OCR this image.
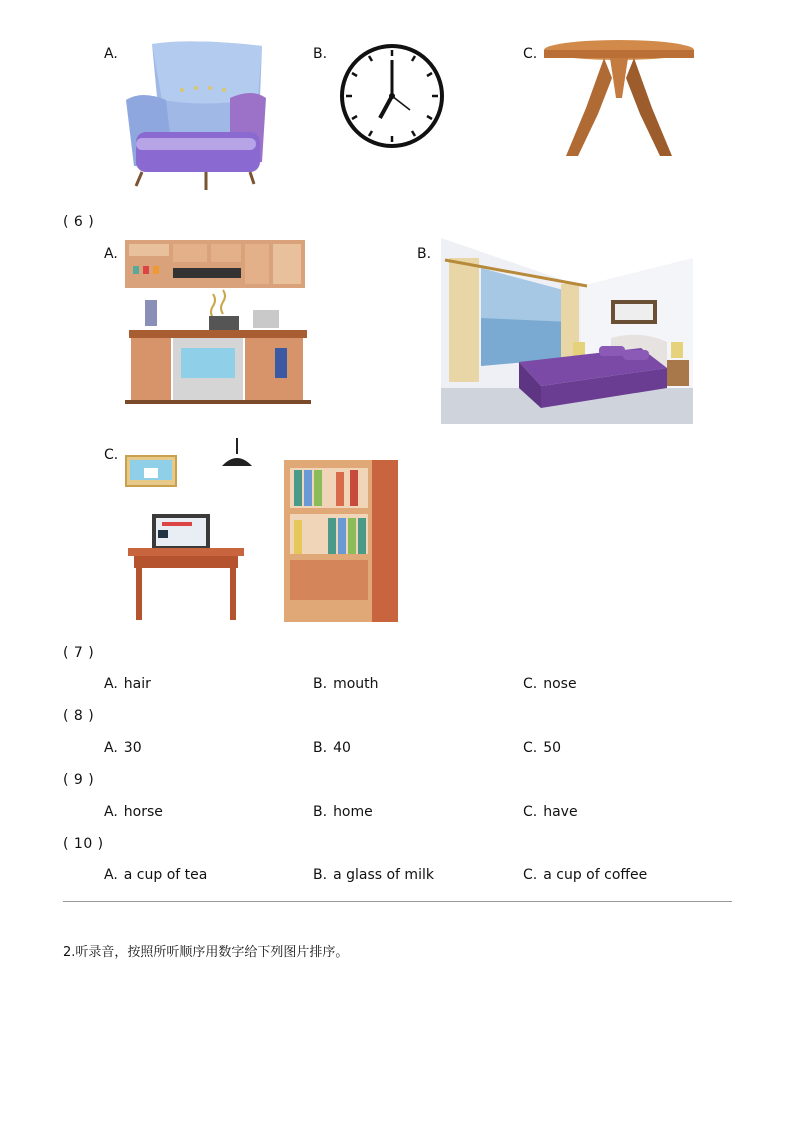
A.	B.	C.
( 6 )
A.	B.
C.
( 7 )
A. hair	B. mouth	C. nose
( 8 )
A. 30	B. 40	C. 50
( 9 )
A. horse	B. home	C. have
( 10 )
A. a cup of tea	B. a glass of milk	C. a cup of coffee
2.听录音，按照所听顺序用数字给下列图片排序。
